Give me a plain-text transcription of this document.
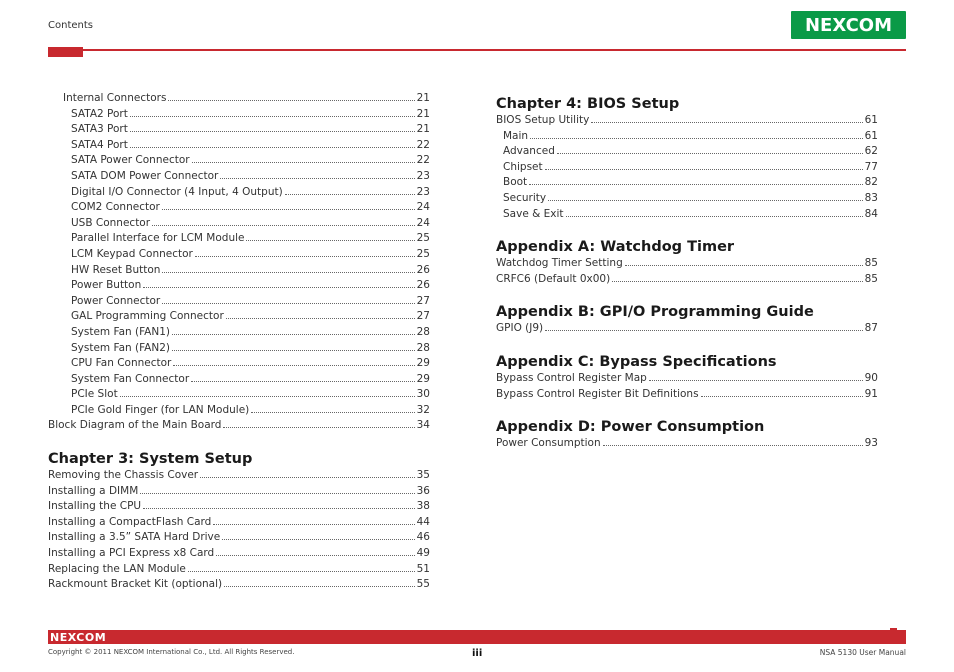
Contents	NEXCOM
Internal Connectors	21
SATA2 Port	21
SATA3 Port	21
SATA4 Port	22
SATA Power Connector	22
SATA DOM Power Connector	23
Digital I/O Connector (4 Input, 4 Output)	23
COM2 Connector	24
USB Connector	24
Parallel Interface for LCM Module	25
LCM Keypad Connector	25
HW Reset Button	26
Power Button	26
Power Connector	27
GAL Programming Connector	27
System Fan (FAN1)	28
System Fan (FAN2)	28
CPU Fan Connector	29
System Fan Connector	29
PCIe Slot	30
PCIe Gold Finger (for LAN Module)	32
Block Diagram of the Main Board	34
Chapter 3: System Setup
Removing the Chassis Cover	35
Installing a DIMM	36
Installing the CPU	38
Installing a CompactFlash Card	44
Installing a 3.5” SATA Hard Drive	46
Installing a PCI Express x8 Card	49
Replacing the LAN Module	51
Rackmount Bracket Kit (optional)	55
Chapter 4: BIOS Setup
BIOS Setup Utility	61
Main	61
Advanced	62
Chipset	77
Boot	82
Security	83
Save & Exit	84
Appendix A: Watchdog Timer
Watchdog Timer Setting	85
CRFC6 (Default 0x00)	85
Appendix B: GPI/O Programming Guide
GPIO (J9)	87
Appendix C: Bypass Specifications
Bypass Control Register Map	90
Bypass Control Register Bit Definitions	91
Appendix D: Power Consumption
Power Consumption	93
NEXCOM
Copyright © 2011 NEXCOM International Co., Ltd. All Rights Reserved.	iii	NSA 5130 User Manual
